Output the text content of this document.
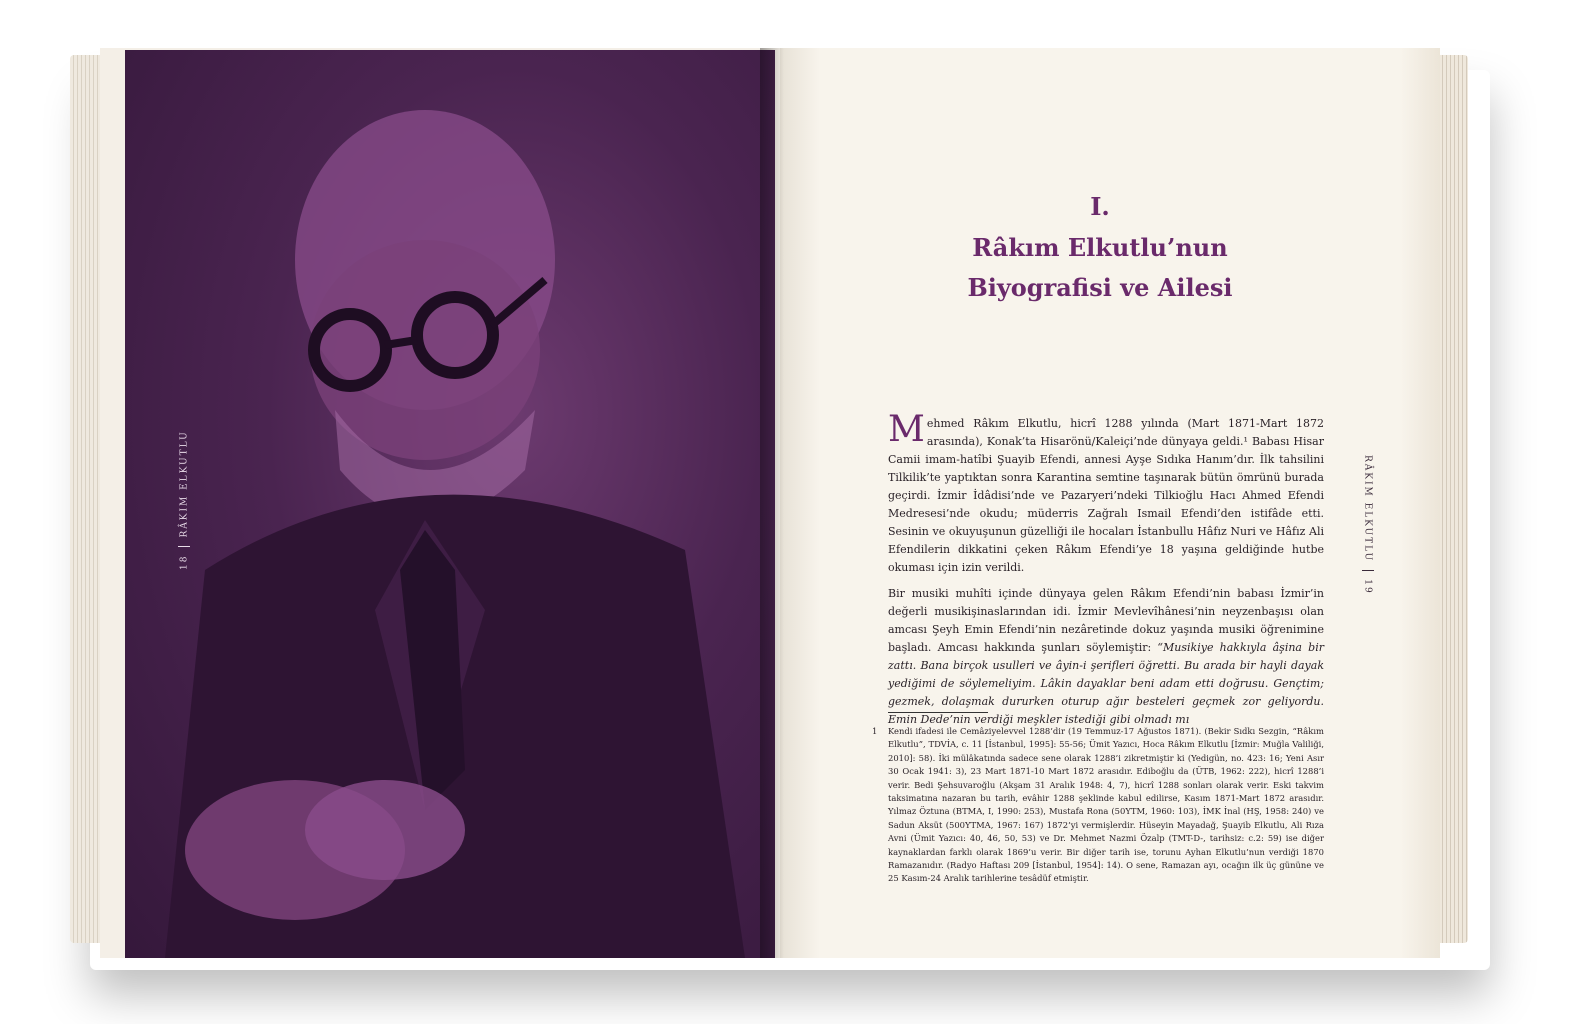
18RÂKIM ELKUTLU	RÂKIM ELKUTLU19
I.
Râkım Elkutlu’nun
Biyografisi ve Ailesi

Mehmed Râkım Elkutlu, hicrî 1288 yılında (Mart 1871-Mart 1872 arasında), Konak’ta Hisarönü/Kaleiçi’nde dünyaya geldi.¹ Babası Hisar Camii imam-hatîbi Şuayib Efendi, annesi Ayşe Sıdıka Hanım’dır. İlk tahsilini Tilkilik’te yaptıktan sonra Karantina semtine taşınarak bütün ömrünü burada geçirdi. İzmir İdâdisi’nde ve Pazaryeri’ndeki Tilkioğlu Hacı Ahmed Efendi Medresesi’nde okudu; müderris Zağralı Ismail Efendi’den istifâde etti. Sesinin ve okuyuşunun güzelliği ile hocaları İstanbullu Hâfız Nuri ve Hâfız Ali Efendilerin dikkatini çeken Râkım Efendi’ye 18 yaşına geldiğinde hutbe okuması için izin verildi.

Bir musiki muhîti içinde dünyaya gelen Râkım Efendi’nin babası İzmir’in değerli musikişinaslarından idi. İzmir Mevlevîhânesi’nin neyzenbaşısı olan amcası Şeyh Emin Efendi’nin nezâretinde dokuz yaşında musiki öğrenimine başladı. Amcası hakkında şunları söylemiştir: “Musikiye hakkıyla âşina bir zattı. Bana birçok usulleri ve âyin-i şerifleri öğretti. Bu arada bir hayli dayak yediğimi de söylemeliyim. Lâkin dayaklar beni adam etti doğrusu. Gençtim; gezmek, dolaşmak dururken oturup ağır besteleri geçmek zor geliyordu. Emin Dede’nin verdiği meşkler istediği gibi olmadı mı

1 Kendi ifadesi ile Cemâziyelevvel 1288’dir (19 Temmuz-17 Ağustos 1871). (Bekir Sıdkı Sezgin, “Râkım Elkutlu”, TDVİA, c. 11 [İstanbul, 1995]: 55-56; Ümit Yazıcı, Hoca Râkım Elkutlu [İzmir: Muğla Valiliği, 2010]: 58). İki mülâkatında sadece sene olarak 1288’i zikretmiştir ki (Yedigün, no. 423: 16; Yeni Asır 30 Ocak 1941: 3), 23 Mart 1871-10 Mart 1872 arasıdır. Ediboğlu da (ÜTB, 1962: 222), hicrî 1288’i verir. Bedi Şehsuvaroğlu (Akşam 31 Aralık 1948: 4, 7), hicrî 1288 sonları olarak verir. Eski takvim taksimatına nazaran bu tarih, evâhir 1288 şeklinde kabul edilirse, Kasım 1871-Mart 1872 arasıdır. Yılmaz Öztuna (BTMA, I, 1990: 253), Mustafa Rona (50YTM, 1960: 103), İMK İnal (HŞ, 1958: 240) ve Sadun Aksüt (500YTMA, 1967: 167) 1872’yi vermişlerdir. Hüseyin Mayadağ, Şuayib Elkutlu, Ali Rıza Avni (Ümit Yazıcı: 40, 46, 50, 53) ve Dr. Mehmet Nazmi Özalp (TMT-D-, tarihsiz: c.2: 59) ise diğer kaynaklardan farklı olarak 1869’u verir. Bir diğer tarih ise, torunu Ayhan Elkutlu’nun verdiği 1870 Ramazanıdır. (Radyo Haftası 209 [İstanbul, 1954]: 14). O sene, Ramazan ayı, ocağın ilk üç gününe ve 25 Kasım-24 Aralık tarihlerine tesâdüf etmiştir.
